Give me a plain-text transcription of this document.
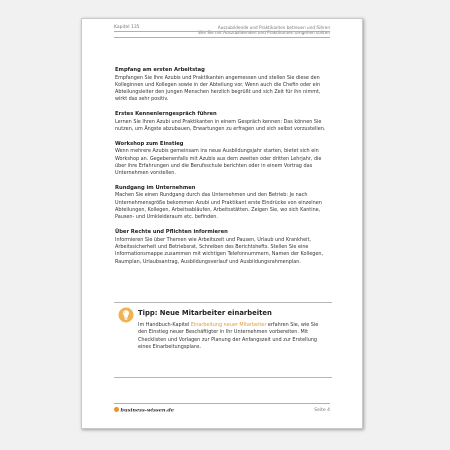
Kapitel 135	Auszubildende und Praktikanten betreuen und führen
Wie Sie mit Auszubildenden und Praktikanten umgehen sollten
Empfang am ersten Arbeitstag

Empfangen Sie Ihre Azubis und Praktikanten angemessen und stellen Sie diese den Kolleginnen und Kollegen sowie in der Abteilung vor. Wenn auch die Chefin oder ein Abteilungsleiter den jungen Menschen herzlich begrüßt und sich Zeit für ihn nimmt, wirkt das sehr positiv.

Erstes Kennenlerngespräch führen

Lernen Sie Ihren Azubi und Praktikanten in einem Gespräch kennen: Das können Sie nutzen, um Ängste abzubauen, Erwartungen zu erfragen und sich selbst vorzustellen.

Workshop zum Einstieg

Wenn mehrere Azubis gemeinsam ins neue Ausbildungsjahr starten, bietet sich ein Workshop an. Gegebenenfalls mit Azubis aus dem zweiten oder dritten Lehrjahr, die über ihre Erfahrungen und die Berufsschule berichten oder in einem Vortrag das Unternehmen vorstellen.

Rundgang im Unternehmen

Machen Sie einen Rundgang durch das Unternehmen und den Betrieb: Je nach Unternehmensgröße bekommen Azubi und Praktikant erste Eindrücke von einzelnen Abteilungen, Kollegen, Arbeitsabläufen, Arbeitsstätten. Zeigen Sie, wo sich Kantine, Pausen- und Umkleideraum etc. befinden.

Über Rechte und Pflichten informieren

Informieren Sie über Themen wie Arbeitszeit und Pausen, Urlaub und Krankheit, Arbeitssicherheit und Betriebsrat, Schreiben des Berichtshefts. Stellen Sie eine Informationsmappe zusammen mit wichtigen Telefonnummern, Namen der Kollegen, Raumplan, Urlaubsantrag, Ausbildungsverlauf und Ausbildungsrahmenplan.

Tipp: Neue Mitarbeiter einarbeiten

Im Handbuch-Kapitel Einarbeitung neuer Mitarbeiter erfahren Sie, wie Sie den Einstieg neuer Beschäftigter in Ihr Unternehmen vorbereiten. Mit Checklisten und Vorlagen zur Planung der Anfangszeit und zur Erstellung eines Einarbeitungsplans.

business-wissen.de	Seite 4
